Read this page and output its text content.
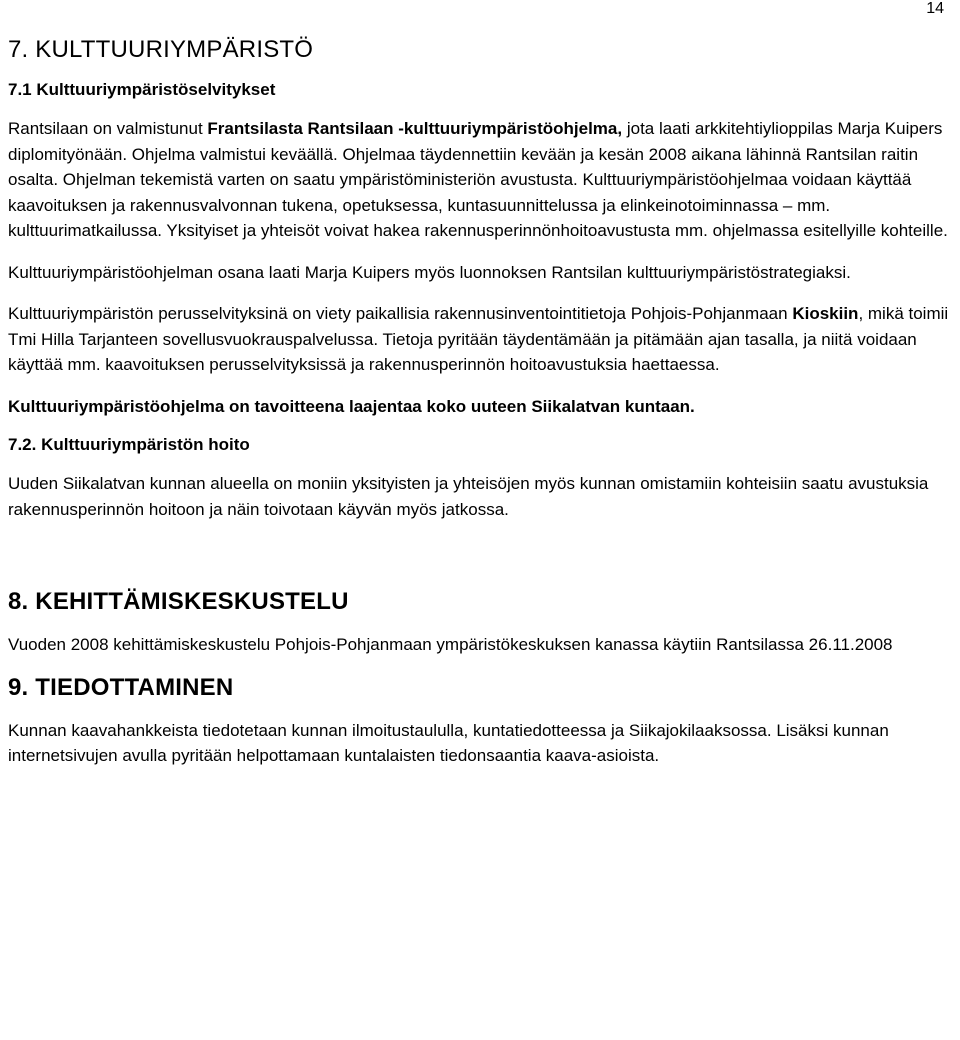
14
7. KULTTUURIYMPÄRISTÖ
7.1 Kulttuuriympäristöselvitykset

Rantsilaan on valmistunut Frantsilasta Rantsilaan -kulttuuriympäristöohjelma, jota laati arkkitehtiylioppilas Marja Kuipers diplomityönään. Ohjelma valmistui keväällä. Ohjelmaa täydennettiin kevään ja kesän 2008 aikana lähinnä Rantsilan raitin osalta. Ohjelman tekemistä varten on saatu ympäristöministeriön avustusta. Kulttuuriympäristöohjelmaa voidaan käyttää kaavoituksen ja rakennusvalvonnan tukena, opetuksessa, kuntasuunnittelussa ja elinkeinotoiminnassa – mm. kulttuurimatkailussa. Yksityiset ja yhteisöt voivat hakea rakennusperinnönhoitoavustusta mm. ohjelmassa esitellyille kohteille.

Kulttuuriympäristöohjelman osana laati Marja Kuipers myös luonnoksen Rantsilan kulttuuriympäristöstrategiaksi.

Kulttuuriympäristön perusselvityksinä on viety paikallisia rakennusinventointitietoja Pohjois-Pohjanmaan Kioskiin, mikä toimii Tmi Hilla Tarjanteen sovellusvuokrauspalvelussa. Tietoja pyritään täydentämään ja pitämään ajan tasalla, ja niitä voidaan käyttää mm. kaavoituksen perusselvityksissä ja rakennusperinnön hoitoavustuksia haettaessa.

Kulttuuriympäristöohjelma on tavoitteena laajentaa koko uuteen Siikalatvan kuntaan.

7.2. Kulttuuriympäristön hoito

Uuden Siikalatvan kunnan alueella on moniin yksityisten ja yhteisöjen myös kunnan omistamiin kohteisiin saatu avustuksia rakennusperinnön hoitoon ja näin toivotaan käyvän myös jatkossa.

8. KEHITTÄMISKESKUSTELU

Vuoden 2008 kehittämiskeskustelu Pohjois-Pohjanmaan ympäristökeskuksen kanassa käytiin Rantsilassa 26.11.2008

9. TIEDOTTAMINEN

Kunnan kaavahankkeista tiedotetaan kunnan ilmoitustaululla, kuntatiedotteessa ja Siikajokilaaksossa. Lisäksi kunnan internetsivujen avulla pyritään helpottamaan kuntalaisten tiedonsaantia kaava-asioista.
